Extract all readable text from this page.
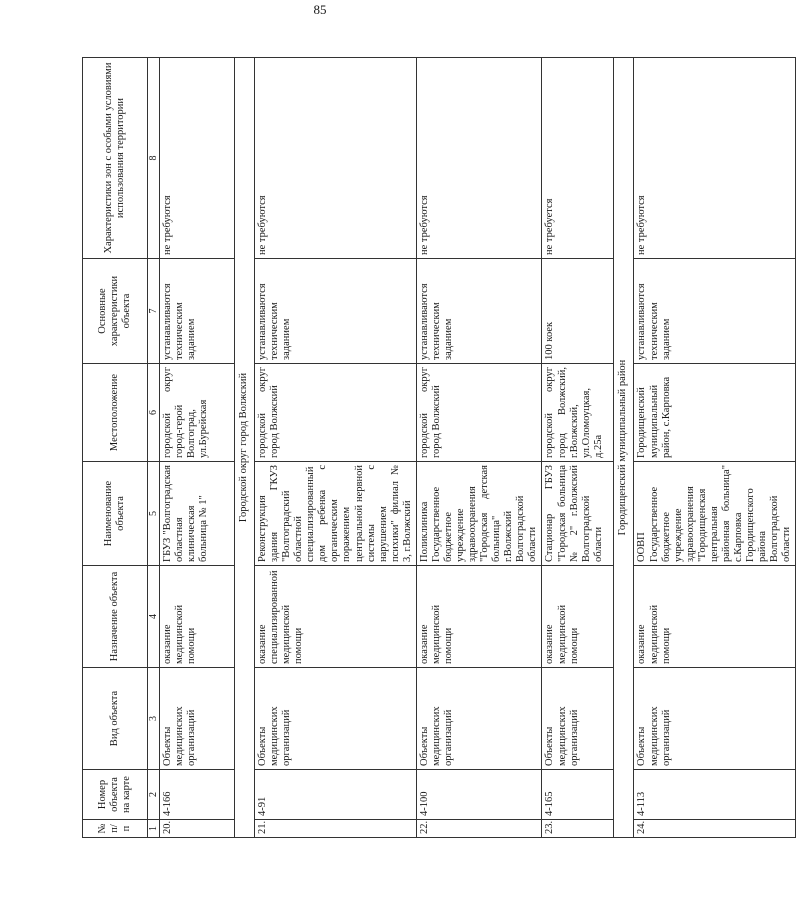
85
№ п/п	Номер объекта на карте	Вид объекта	Назначение объекта	Наименование объекта	Местоположение	Основные характеристики объекта	Характеристики зон с особыми условиями использования территории
1	2	3	4	5	6	7	8
20.	4-166	Объекты медицинских организаций	оказание медицинской помощи	ГБУЗ "Волгоградская областная клиническая больница № 1"	городской округ город-герой Волгоград, ул.Бурейская	устанавливаются техническим заданием	не требуются
Городской округ город Волжский							
21.	4-91	Объекты медицинских организаций	оказание специализированной медицинской помощи	Реконструкция здания ГКУЗ "Волгоградский областной специализированный дом ребенка с органическим поражением центральной нервной системы с нарушением психики" филиал № 3, г.Волжский	городской округ город Волжский	устанавливаются техническим заданием	не требуются
22.	4-100	Объекты медицинских организаций	оказание медицинской помощи	Поликлиника Государственное бюджетное учреждение здравоохранения "Городская детская больница" г.Волжский Волгоградской области	городской округ город Волжский	устанавливаются техническим заданием	не требуются
23.	4-165	Объекты медицинских организаций	оказание медицинской помощи	Стационар ГБУЗ "Городская больница № 2" г.Волжский Волгоградской области	городской округ город Волжский, г.Волжский, ул.Оломоуцкая, д.25а	100 коек	не требуется
Городищенский муниципальный район							
24.	4-113	Объекты медицинских организаций	оказание медицинской помощи	ООВП Государственное бюджетное учреждение здравоохранения "Городищенская центральная районная больница" с.Карповка Городищенского района Волгоградской области	Городищенский муниципальный район, с.Карповка	устанавливаются техническим заданием	не требуются
